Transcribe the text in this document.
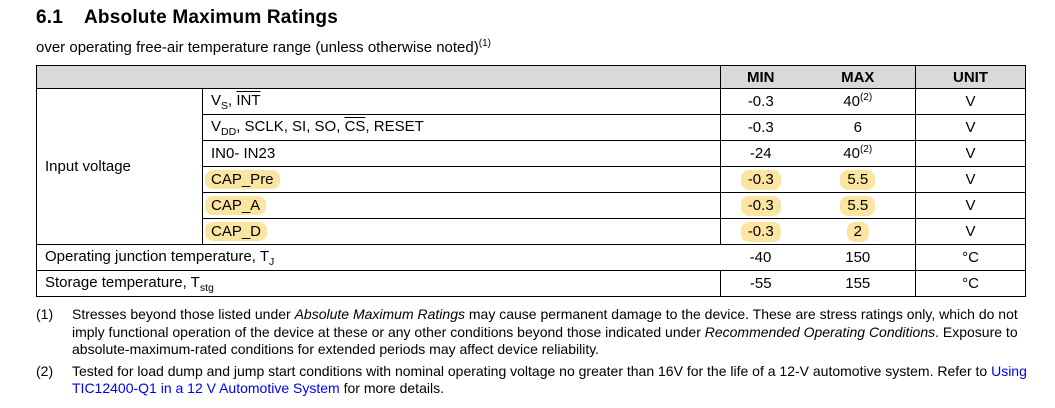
6.1 Absolute Maximum Ratings

over operating free-air temperature range (unless otherwise noted)$^{(1)}$

		MIN	MAX	UNIT
Input voltage	$V_S$, $\overline{INT}$	-0.3	40$^{(2)}$	V
	$V_{DD}$, SCLK, SI, SO, $\overline{CS}$, RESET	-0.3	6	V
	IN0- IN23	-24	40$^{(2)}$	V
	CAP_Pre	-0.3	5.5	V
	CAP_A	-0.3	5.5	V
	CAP_D	-0.3	2	V
Operating junction temperature, $T_J$		-40	150	°C
Storage temperature, $T_{stg}$		-55	155	°C
(1)	Stresses beyond those listed under Absolute Maximum Ratings may cause permanent damage to the device. These are stress ratings only, which do not imply functional operation of the device at these or any other conditions beyond those indicated under Recommended Operating Conditions. Exposure to absolute-maximum-rated conditions for extended periods may affect device reliability.
(2)	Tested for load dump and jump start conditions with nominal operating voltage no greater than 16V for the life of a 12-V automotive system. Refer to Using TIC12400-Q1 in a 12 V Automotive System for more details.
